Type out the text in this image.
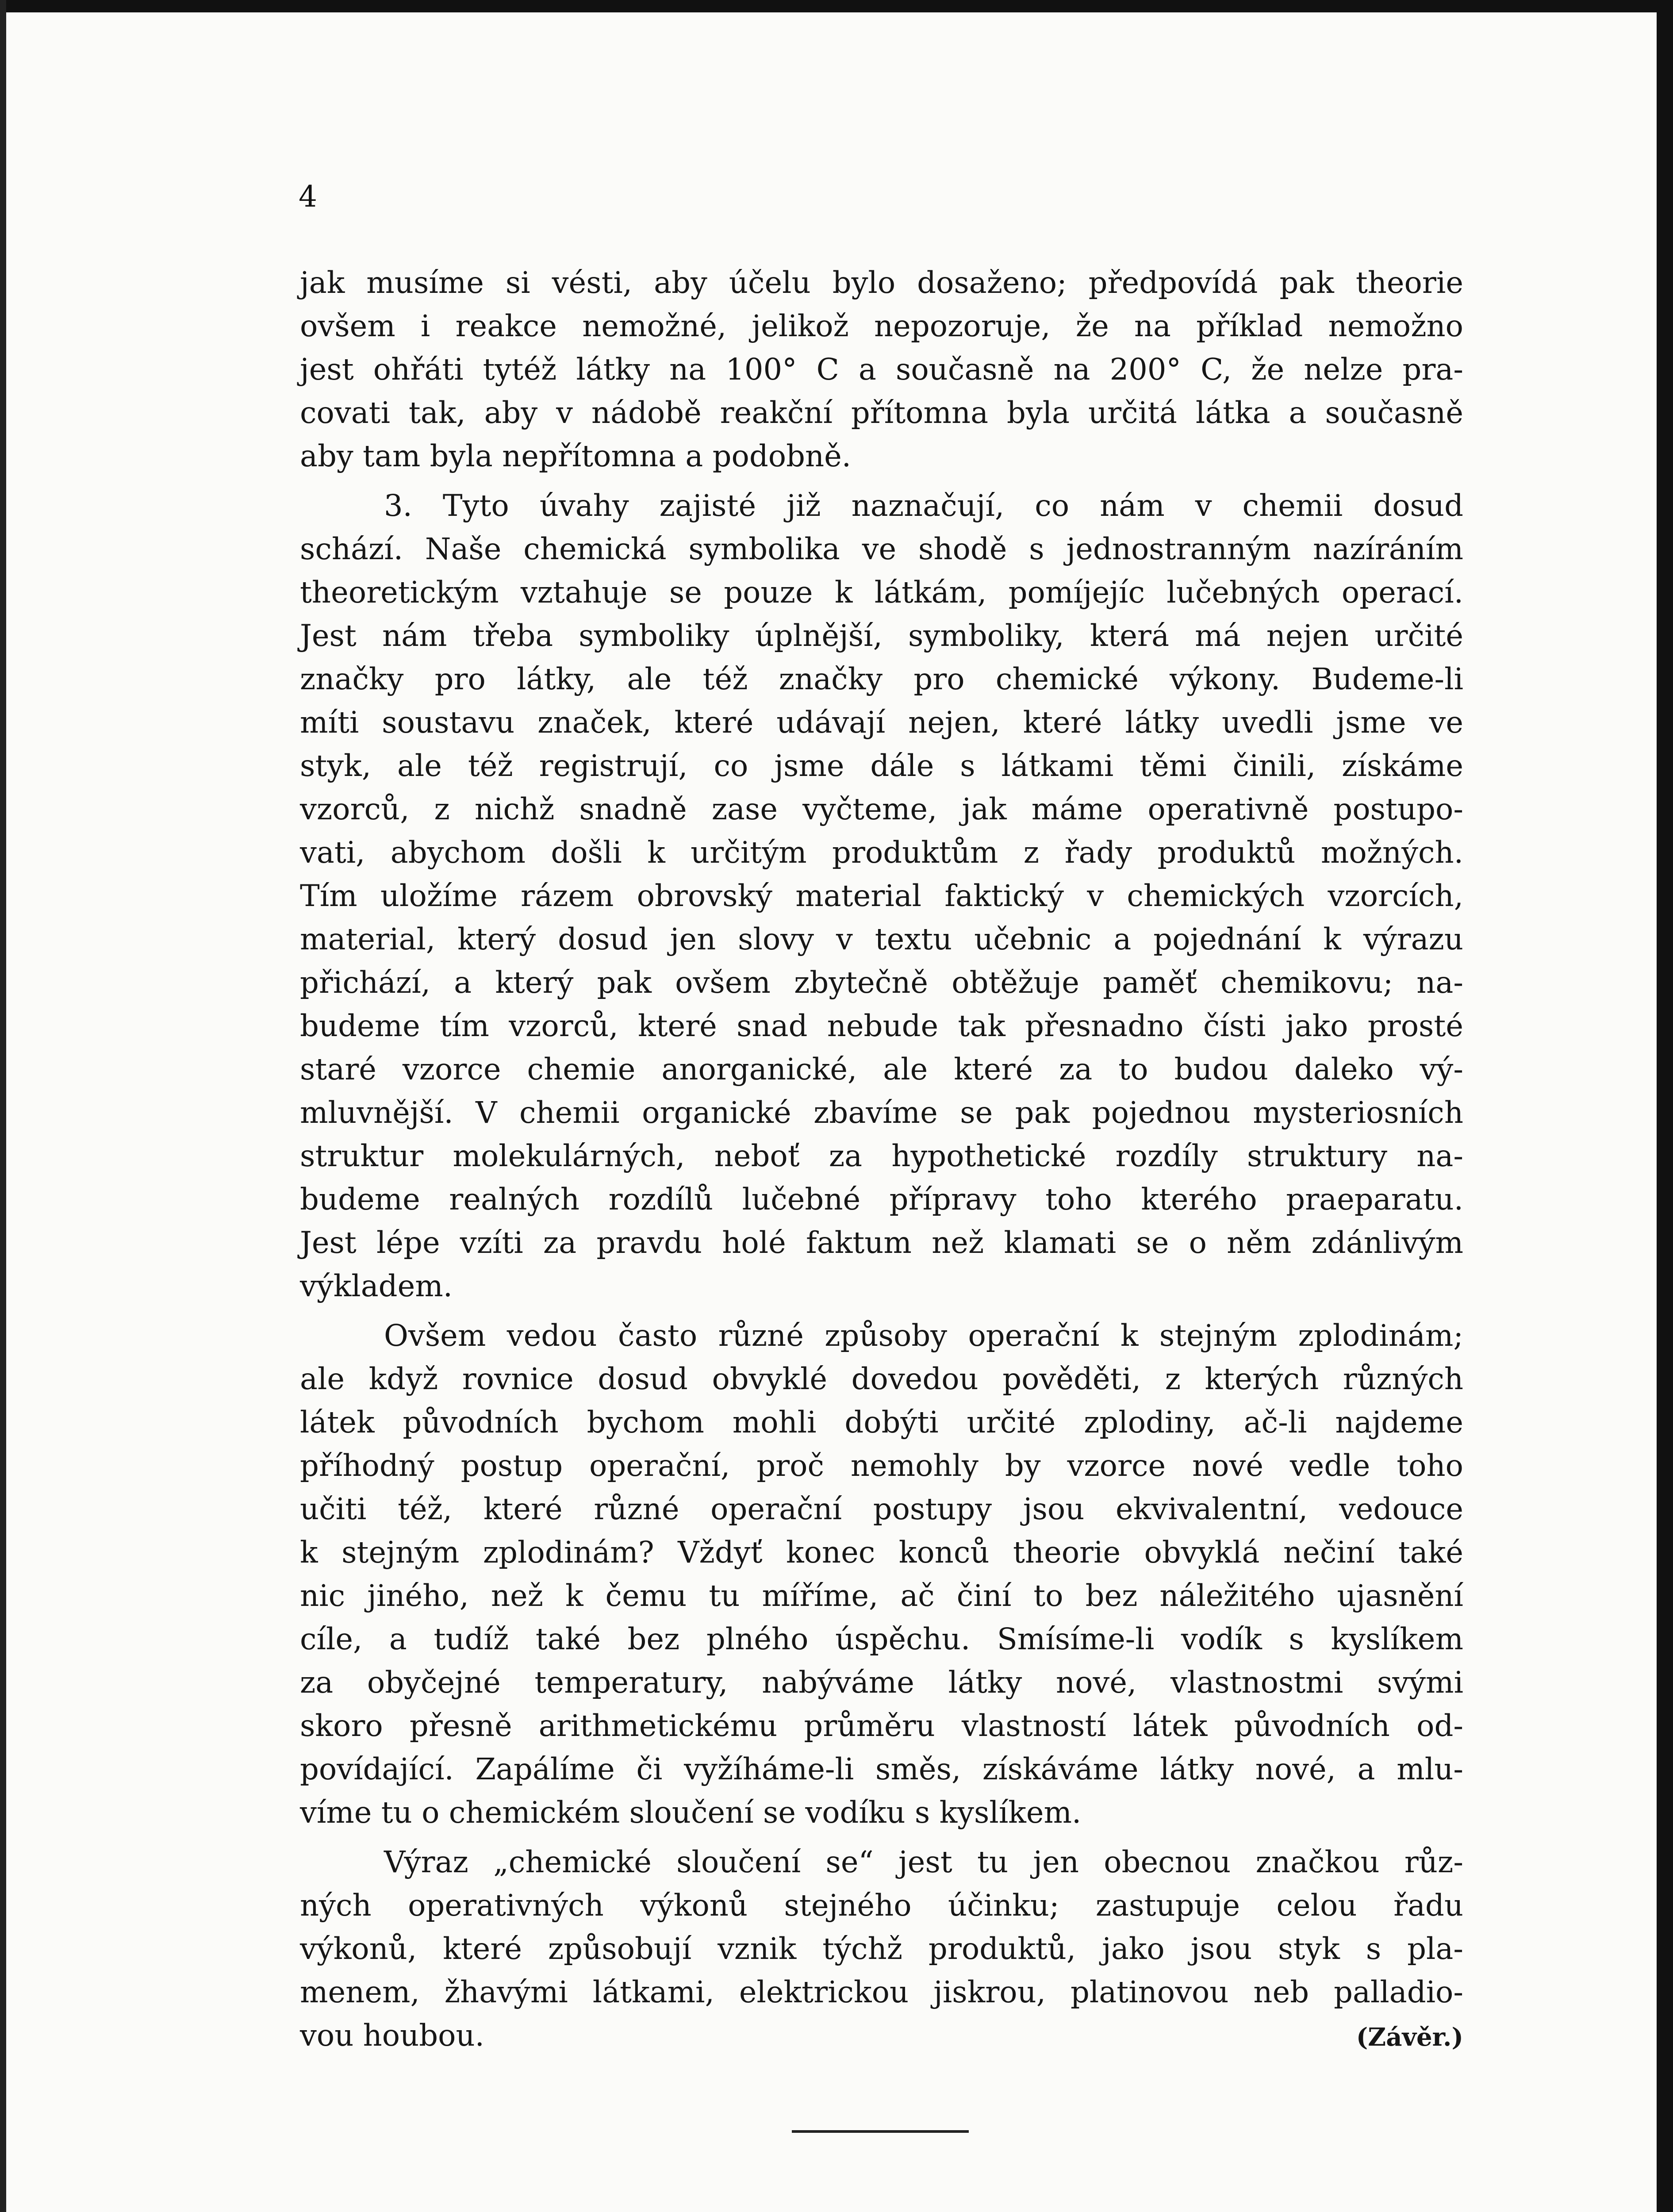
4

jak musíme si vésti, aby účelu bylo dosaženo; předpovídá pak theorie
ovšem i reakce nemožné, jelikož nepozoruje, že na příklad nemožno
jest ohřáti tytéž látky na 100° C a současně na 200° C, že nelze pra-
covati tak, aby v nádobě reakční přítomna byla určitá látka a současně
aby tam byla nepřítomna a podobně.
3. Tyto úvahy zajisté již naznačují, co nám v chemii dosud
schází. Naše chemická symbolika ve shodě s jednostranným nazíráním
theoretickým vztahuje se pouze k látkám, pomíjejíc lučebných operací.
Jest nám třeba symboliky úplnější, symboliky, která má nejen určité
značky pro látky, ale též značky pro chemické výkony. Budeme-li
míti soustavu značek, které udávají nejen, které látky uvedli jsme ve
styk, ale též registrují, co jsme dále s látkami těmi činili, získáme
vzorců, z nichž snadně zase vyčteme, jak máme operativně postupo-
vati, abychom došli k určitým produktům z řady produktů možných.
Tím uložíme rázem obrovský material faktický v chemických vzorcích,
material, který dosud jen slovy v textu učebnic a pojednání k výrazu
přichází, a který pak ovšem zbytečně obtěžuje paměť chemikovu; na-
budeme tím vzorců, které snad nebude tak přesnadno čísti jako prosté
staré vzorce chemie anorganické, ale které za to budou daleko vý-
mluvnější. V chemii organické zbavíme se pak pojednou mysteriosních
struktur molekulárných, neboť za hypothetické rozdíly struktury na-
budeme realných rozdílů lučebné přípravy toho kterého praeparatu.
Jest lépe vzíti za pravdu holé faktum než klamati se o něm zdánlivým
výkladem.
Ovšem vedou často různé způsoby operační k stejným zplodinám;
ale když rovnice dosud obvyklé dovedou pověděti, z kterých různých
látek původních bychom mohli dobýti určité zplodiny, ač-li najdeme
příhodný postup operační, proč nemohly by vzorce nové vedle toho
učiti též, které různé operační postupy jsou ekvivalentní, vedouce
k stejným zplodinám? Vždyť konec konců theorie obvyklá nečiní také
nic jiného, než k čemu tu míříme, ač činí to bez náležitého ujasnění
cíle, a tudíž také bez plného úspěchu. Smísíme-li vodík s kyslíkem
za obyčejné temperatury, nabýváme látky nové, vlastnostmi svými
skoro přesně arithmetickému průměru vlastností látek původních od-
povídající. Zapálíme či vyžíháme-li směs, získáváme látky nové, a mlu-
víme tu o chemickém sloučení se vodíku s kyslíkem.
Výraz „chemické sloučení se“ jest tu jen obecnou značkou růz-
ných operativných výkonů stejného účinku; zastupuje celou řadu
výkonů, které způsobují vznik týchž produktů, jako jsou styk s pla-
menem, žhavými látkami, elektrickou jiskrou, platinovou neb palladio-
vou houbou.	(Závěr.)
